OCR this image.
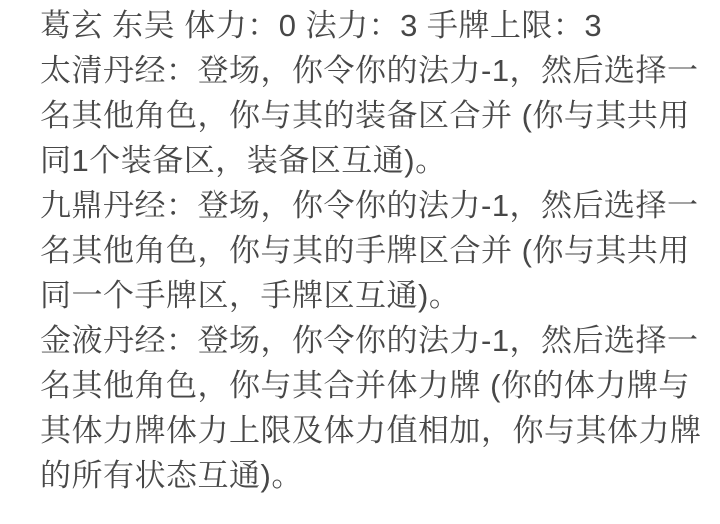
葛玄 东吴 体力：0 法力：3 手牌上限：3
太清丹经：登场，你令你的法力-1，然后选择一
名其他角色，你与其的装备区合并 (你与其共用
同1个装备区，装备区互通)。
九鼎丹经：登场，你令你的法力-1，然后选择一
名其他角色，你与其的手牌区合并 (你与其共用
同一个手牌区，手牌区互通)。
金液丹经：登场，你令你的法力-1，然后选择一
名其他角色，你与其合并体力牌 (你的体力牌与
其体力牌体力上限及体力值相加，你与其体力牌
的所有状态互通)。
